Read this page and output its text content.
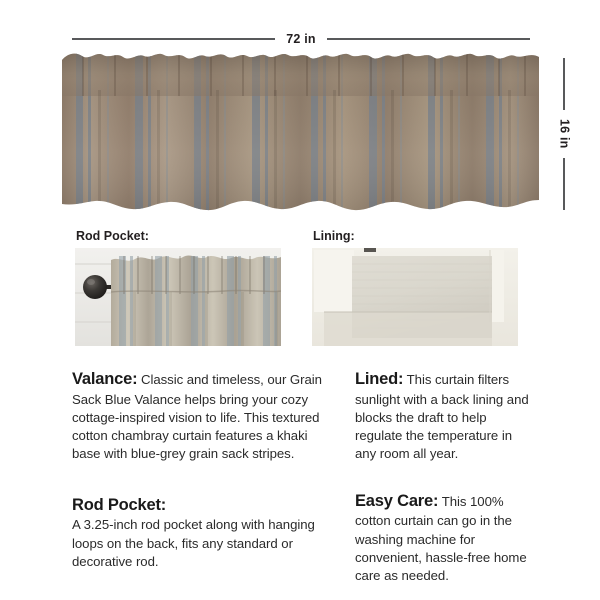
72 in
16 in
Rod Pocket:	Lining:

Valance: Classic and timeless, our Grain Sack Blue Valance helps bring your cozy cottage-inspired vision to life. This textured cotton chambray curtain features a khaki base with blue-grey grain sack stripes.

Rod Pocket:

A 3.25-inch rod pocket along with hanging loops on the back, fits any standard or decorative rod.

Lined: This curtain filters sunlight with a back lining and blocks the draft to help regulate the temperature in any room all year.

Easy Care: This 100% cotton curtain can go in the washing machine for convenient, hassle-free home care as needed.
